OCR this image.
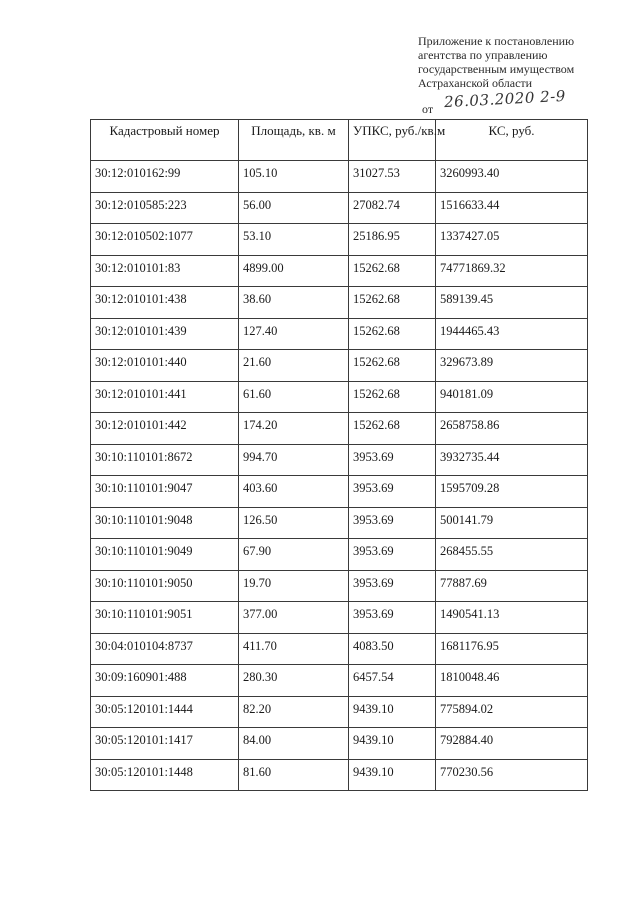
Приложение к постановлению
агентства по управлению
государственным имуществом
Астраханской области
от 26.03.2020 2-9
Кадастровый номер	Площадь, кв. м	УПКС, руб./кв.м	КС, руб.
30:12:010162:99	105.10	31027.53	3260993.40
30:12:010585:223	56.00	27082.74	1516633.44
30:12:010502:1077	53.10	25186.95	1337427.05
30:12:010101:83	4899.00	15262.68	74771869.32
30:12:010101:438	38.60	15262.68	589139.45
30:12:010101:439	127.40	15262.68	1944465.43
30:12:010101:440	21.60	15262.68	329673.89
30:12:010101:441	61.60	15262.68	940181.09
30:12:010101:442	174.20	15262.68	2658758.86
30:10:110101:8672	994.70	3953.69	3932735.44
30:10:110101:9047	403.60	3953.69	1595709.28
30:10:110101:9048	126.50	3953.69	500141.79
30:10:110101:9049	67.90	3953.69	268455.55
30:10:110101:9050	19.70	3953.69	77887.69
30:10:110101:9051	377.00	3953.69	1490541.13
30:04:010104:8737	411.70	4083.50	1681176.95
30:09:160901:488	280.30	6457.54	1810048.46
30:05:120101:1444	82.20	9439.10	775894.02
30:05:120101:1417	84.00	9439.10	792884.40
30:05:120101:1448	81.60	9439.10	770230.56
